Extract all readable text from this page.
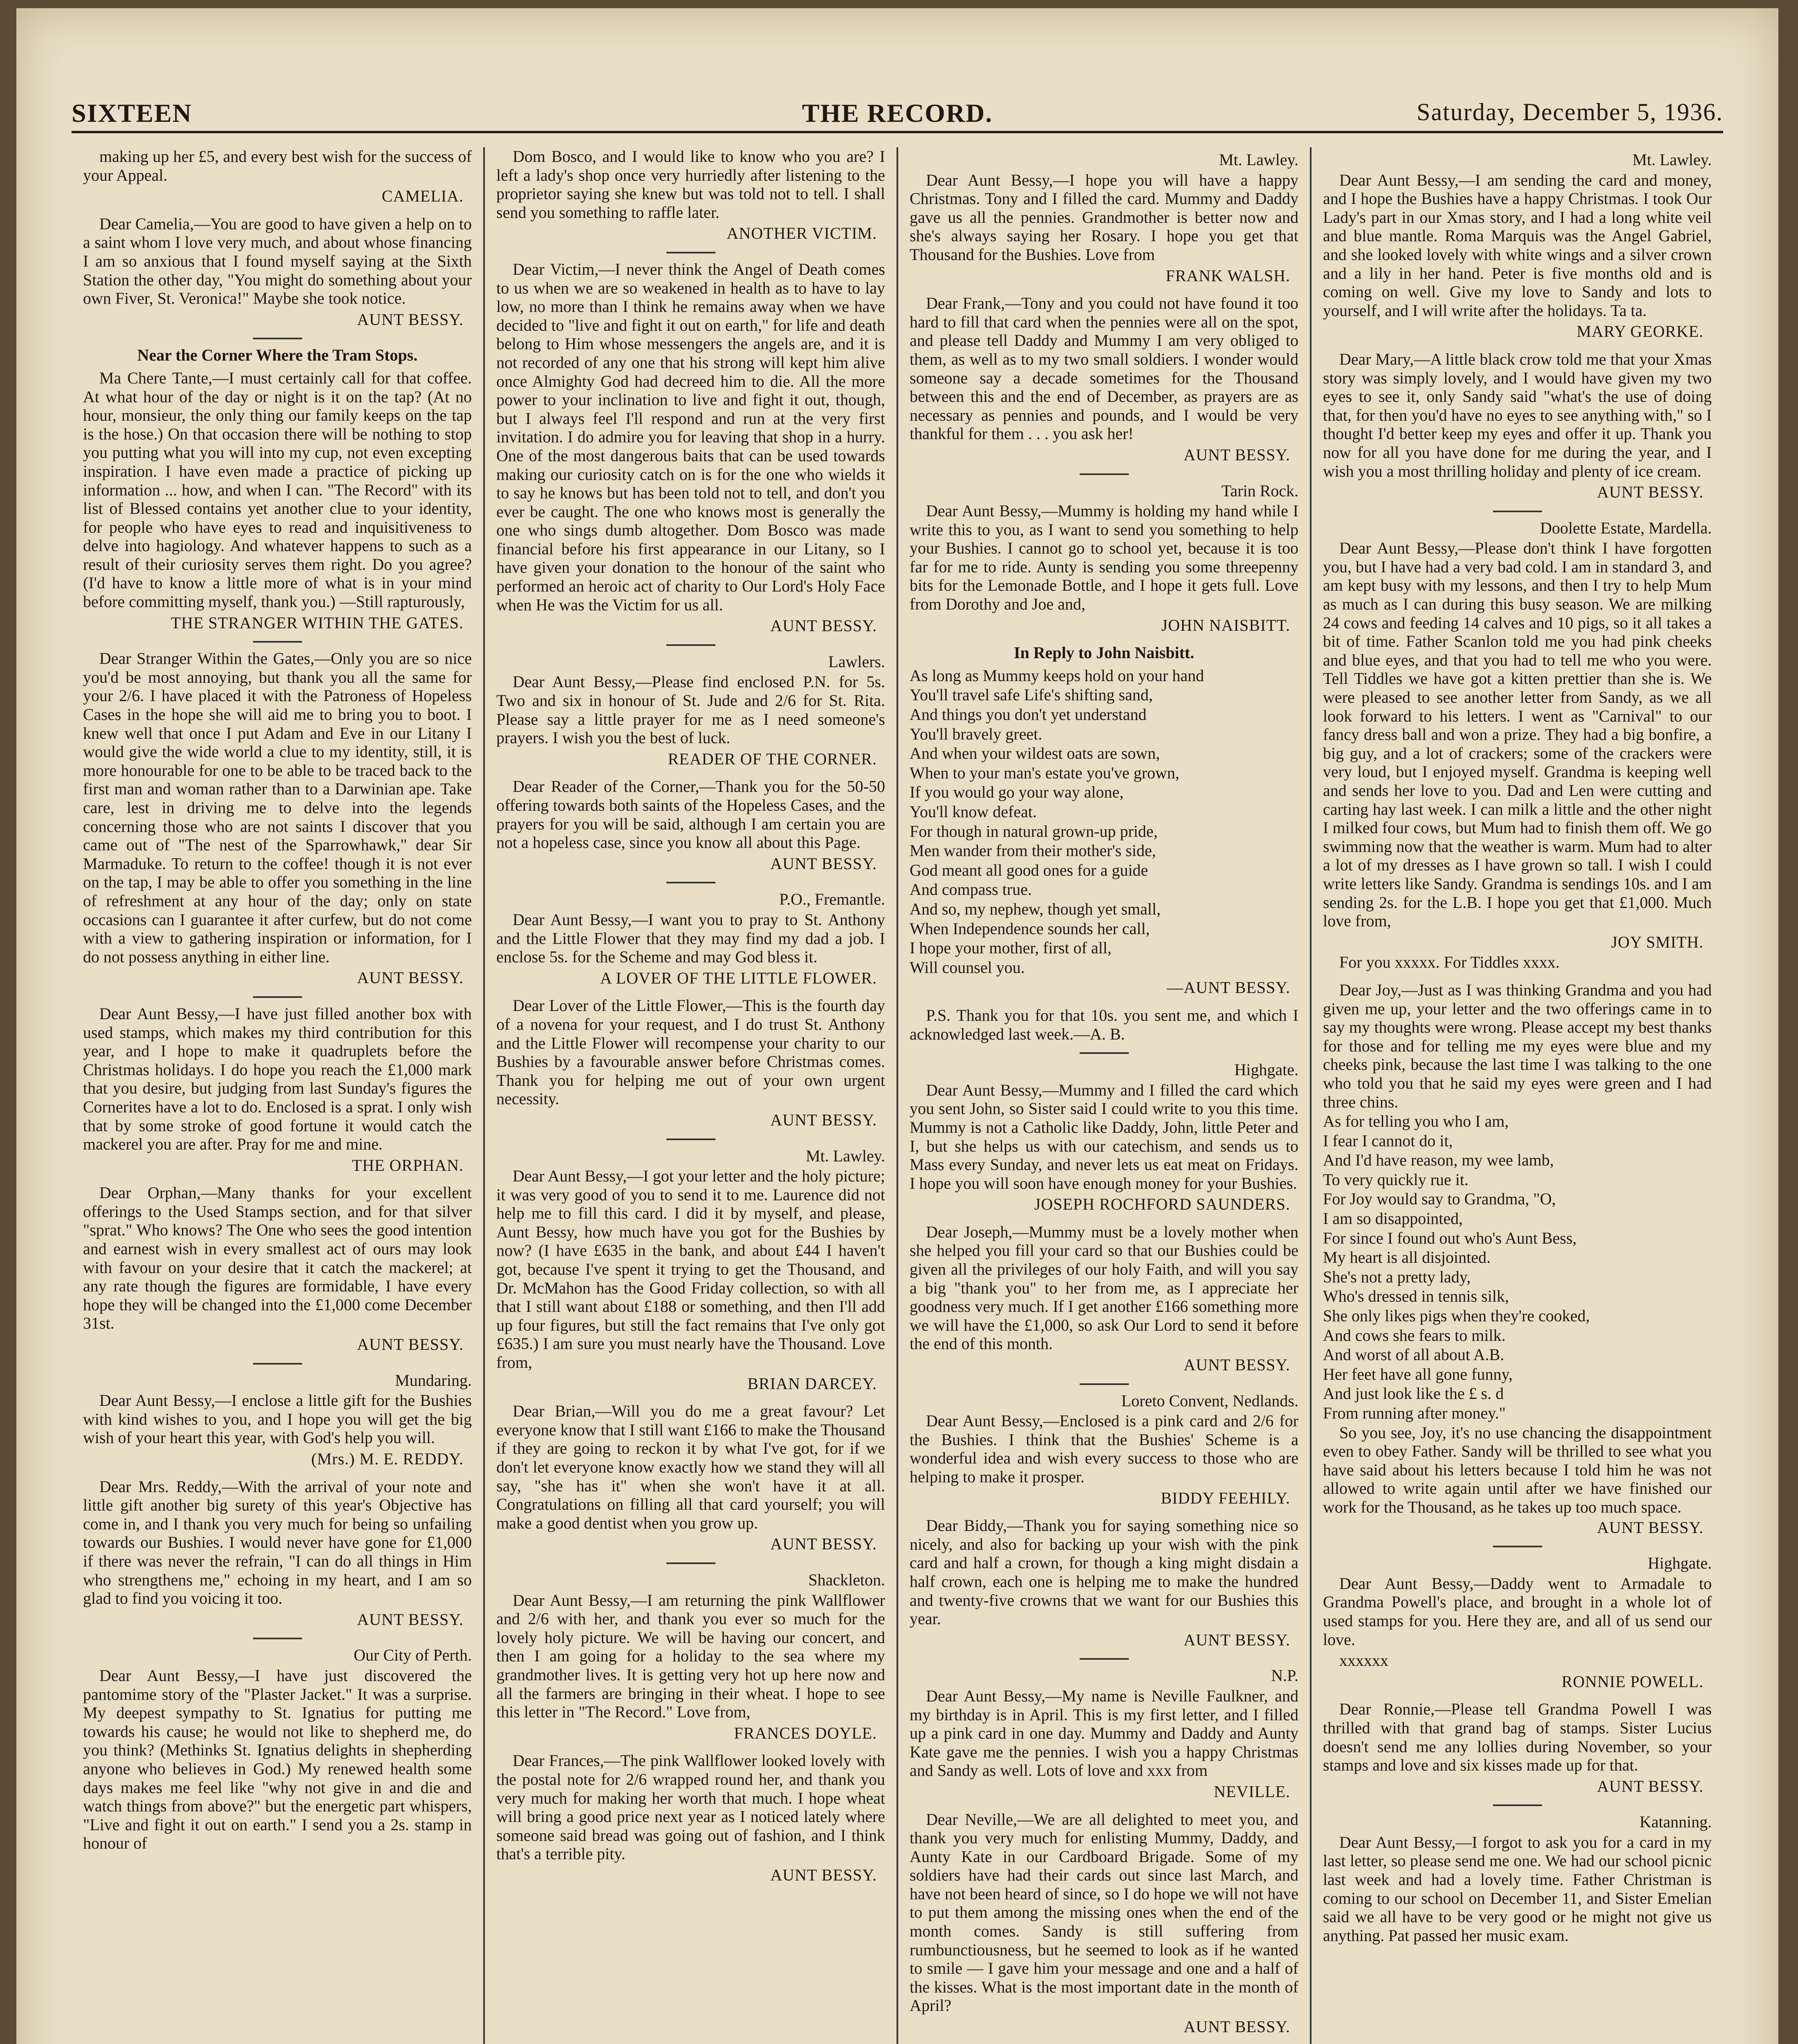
SIXTEEN	THE RECORD.	Saturday, December 5, 1936.

making up her £5, and every best wish for the success of your Appeal.

CAMELIA.

Dear Camelia,—You are good to have given a help on to a saint whom I love very much, and about whose financing I am so anxious that I found myself saying at the Sixth Station the other day, "You might do something about your own Fiver, St. Veronica!" Maybe she took notice.

AUNT BESSY.
Near the Corner Where the Tram Stops.

Ma Chere Tante,—I must certainly call for that coffee. At what hour of the day or night is it on the tap? (At no hour, monsieur, the only thing our family keeps on the tap is the hose.) On that occasion there will be nothing to stop you putting what you will into my cup, not even excepting inspiration. I have even made a practice of picking up information ... how, and when I can. "The Record" with its list of Blessed contains yet another clue to your identity, for people who have eyes to read and inquisitiveness to delve into hagiology. And whatever happens to such as a result of their curiosity serves them right. Do you agree? (I'd have to know a little more of what is in your mind before committing myself, thank you.) —Still rapturously,

THE STRANGER WITHIN THE GATES.

Dear Stranger Within the Gates,—Only you are so nice you'd be most annoying, but thank you all the same for your 2/6. I have placed it with the Patroness of Hopeless Cases in the hope she will aid me to bring you to boot. I knew well that once I put Adam and Eve in our Litany I would give the wide world a clue to my identity, still, it is more honourable for one to be able to be traced back to the first man and woman rather than to a Darwinian ape. Take care, lest in driving me to delve into the legends concerning those who are not saints I discover that you came out of "The nest of the Sparrowhawk," dear Sir Marmaduke. To return to the coffee! though it is not ever on the tap, I may be able to offer you something in the line of refreshment at any hour of the day; only on state occasions can I guarantee it after curfew, but do not come with a view to gathering inspiration or information, for I do not possess anything in either line.

AUNT BESSY.

Dear Aunt Bessy,—I have just filled another box with used stamps, which makes my third contribution for this year, and I hope to make it quadruplets before the Christmas holidays. I do hope you reach the £1,000 mark that you desire, but judging from last Sunday's figures the Cornerites have a lot to do. Enclosed is a sprat. I only wish that by some stroke of good fortune it would catch the mackerel you are after. Pray for me and mine.

THE ORPHAN.

Dear Orphan,—Many thanks for your excellent offerings to the Used Stamps section, and for that silver "sprat." Who knows? The One who sees the good intention and earnest wish in every smallest act of ours may look with favour on your desire that it catch the mackerel; at any rate though the figures are formidable, I have every hope they will be changed into the £1,000 come December 31st.

AUNT BESSY.
Mundaring.

Dear Aunt Bessy,—I enclose a little gift for the Bushies with kind wishes to you, and I hope you will get the big wish of your heart this year, with God's help you will.

(Mrs.) M. E. REDDY.

Dear Mrs. Reddy,—With the arrival of your note and little gift another big surety of this year's Objective has come in, and I thank you very much for being so unfailing towards our Bushies. I would never have gone for £1,000 if there was never the refrain, "I can do all things in Him who strengthens me," echoing in my heart, and I am so glad to find you voicing it too.

AUNT BESSY.
Our City of Perth.

Dear Aunt Bessy,—I have just discovered the pantomime story of the "Plaster Jacket." It was a surprise. My deepest sympathy to St. Ignatius for putting me towards his cause; he would not like to shepherd me, do you think? (Methinks St. Ignatius delights in shepherding anyone who believes in God.) My renewed health some days makes me feel like "why not give in and die and watch things from above?" but the energetic part whispers, "Live and fight it out on earth." I send you a 2s. stamp in honour of

Dom Bosco, and I would like to know who you are? I left a lady's shop once very hurriedly after listening to the proprietor saying she knew but was told not to tell. I shall send you something to raffle later.

ANOTHER VICTIM.

Dear Victim,—I never think the Angel of Death comes to us when we are so weakened in health as to have to lay low, no more than I think he remains away when we have decided to "live and fight it out on earth," for life and death belong to Him whose messengers the angels are, and it is not recorded of any one that his strong will kept him alive once Almighty God had decreed him to die. All the more power to your inclination to live and fight it out, though, but I always feel I'll respond and run at the very first invitation. I do admire you for leaving that shop in a hurry. One of the most dangerous baits that can be used towards making our curiosity catch on is for the one who wields it to say he knows but has been told not to tell, and don't you ever be caught. The one who knows most is generally the one who sings dumb altogether. Dom Bosco was made financial before his first appearance in our Litany, so I have given your donation to the honour of the saint who performed an heroic act of charity to Our Lord's Holy Face when He was the Victim for us all.

AUNT BESSY.
Lawlers.

Dear Aunt Bessy,—Please find enclosed P.N. for 5s. Two and six in honour of St. Jude and 2/6 for St. Rita. Please say a little prayer for me as I need someone's prayers. I wish you the best of luck.

READER OF THE CORNER.

Dear Reader of the Corner,—Thank you for the 50-50 offering towards both saints of the Hopeless Cases, and the prayers for you will be said, although I am certain you are not a hopeless case, since you know all about this Page.

AUNT BESSY.
P.O., Fremantle.

Dear Aunt Bessy,—I want you to pray to St. Anthony and the Little Flower that they may find my dad a job. I enclose 5s. for the Scheme and may God bless it.

A LOVER OF THE LITTLE FLOWER.

Dear Lover of the Little Flower,—This is the fourth day of a novena for your request, and I do trust St. Anthony and the Little Flower will recompense your charity to our Bushies by a favourable answer before Christmas comes. Thank you for helping me out of your own urgent necessity.

AUNT BESSY.
Mt. Lawley.

Dear Aunt Bessy,—I got your letter and the holy picture; it was very good of you to send it to me. Laurence did not help me to fill this card. I did it by myself, and please, Aunt Bessy, how much have you got for the Bushies by now? (I have £635 in the bank, and about £44 I haven't got, because I've spent it trying to get the Thousand, and Dr. McMahon has the Good Friday collection, so with all that I still want about £188 or something, and then I'll add up four figures, but still the fact remains that I've only got £635.) I am sure you must nearly have the Thousand. Love from,

BRIAN DARCEY.

Dear Brian,—Will you do me a great favour? Let everyone know that I still want £166 to make the Thousand if they are going to reckon it by what I've got, for if we don't let everyone know exactly how we stand they will all say, "she has it" when she won't have it at all. Congratulations on filling all that card yourself; you will make a good dentist when you grow up.

AUNT BESSY.
Shackleton.

Dear Aunt Bessy,—I am returning the pink Wallflower and 2/6 with her, and thank you ever so much for the lovely holy picture. We will be having our concert, and then I am going for a holiday to the sea where my grandmother lives. It is getting very hot up here now and all the farmers are bringing in their wheat. I hope to see this letter in "The Record." Love from,

FRANCES DOYLE.

Dear Frances,—The pink Wallflower looked lovely with the postal note for 2/6 wrapped round her, and thank you very much for making her worth that much. I hope wheat will bring a good price next year as I noticed lately where someone said bread was going out of fashion, and I think that's a terrible pity.

AUNT BESSY.
Mt. Lawley.

Dear Aunt Bessy,—I hope you will have a happy Christmas. Tony and I filled the card. Mummy and Daddy gave us all the pennies. Grandmother is better now and she's always saying her Rosary. I hope you get that Thousand for the Bushies. Love from

FRANK WALSH.

Dear Frank,—Tony and you could not have found it too hard to fill that card when the pennies were all on the spot, and please tell Daddy and Mummy I am very obliged to them, as well as to my two small soldiers. I wonder would someone say a decade sometimes for the Thousand between this and the end of December, as prayers are as necessary as pennies and pounds, and I would be very thankful for them . . . you ask her!

AUNT BESSY.
Tarin Rock.

Dear Aunt Bessy,—Mummy is holding my hand while I write this to you, as I want to send you something to help your Bushies. I cannot go to school yet, because it is too far for me to ride. Aunty is sending you some threepenny bits for the Lemonade Bottle, and I hope it gets full. Love from Dorothy and Joe and,

JOHN NAISBITT.
In Reply to John Naisbitt.

As long as Mummy keeps hold on your hand

You'll travel safe Life's shifting sand,

And things you don't yet understand

You'll bravely greet.

And when your wildest oats are sown,

When to your man's estate you've grown,

If you would go your way alone,

You'll know defeat.

For though in natural grown-up pride,

Men wander from their mother's side,

God meant all good ones for a guide

And compass true.

And so, my nephew, though yet small,

When Independence sounds her call,

I hope your mother, first of all,

Will counsel you.

—AUNT BESSY.

P.S. Thank you for that 10s. you sent me, and which I acknowledged last week.—A. B.

Highgate.

Dear Aunt Bessy,—Mummy and I filled the card which you sent John, so Sister said I could write to you this time. Mummy is not a Catholic like Daddy, John, little Peter and I, but she helps us with our catechism, and sends us to Mass every Sunday, and never lets us eat meat on Fridays. I hope you will soon have enough money for your Bushies.

JOSEPH ROCHFORD SAUNDERS.

Dear Joseph,—Mummy must be a lovely mother when she helped you fill your card so that our Bushies could be given all the privileges of our holy Faith, and will you say a big "thank you" to her from me, as I appreciate her goodness very much. If I get another £166 something more we will have the £1,000, so ask Our Lord to send it before the end of this month.

AUNT BESSY.
Loreto Convent, Nedlands.

Dear Aunt Bessy,—Enclosed is a pink card and 2/6 for the Bushies. I think that the Bushies' Scheme is a wonderful idea and wish every success to those who are helping to make it prosper.

BIDDY FEEHILY.

Dear Biddy,—Thank you for saying something nice so nicely, and also for backing up your wish with the pink card and half a crown, for though a king might disdain a half crown, each one is helping me to make the hundred and twenty-five crowns that we want for our Bushies this year.

AUNT BESSY.
N.P.

Dear Aunt Bessy,—My name is Neville Faulkner, and my birthday is in April. This is my first letter, and I filled up a pink card in one day. Mummy and Daddy and Aunty Kate gave me the pennies. I wish you a happy Christmas and Sandy as well. Lots of love and xxx from

NEVILLE.

Dear Neville,—We are all delighted to meet you, and thank you very much for enlisting Mummy, Daddy, and Aunty Kate in our Cardboard Brigade. Some of my soldiers have had their cards out since last March, and have not been heard of since, so I do hope we will not have to put them among the missing ones when the end of the month comes. Sandy is still suffering from rumbunctiousness, but he seemed to look as if he wanted to smile — I gave him your message and one and a half of the kisses. What is the most important date in the month of April?

AUNT BESSY.
Mt. Lawley.

Dear Aunt Bessy,—I am sending the card and money, and I hope the Bushies have a happy Christmas. I took Our Lady's part in our Xmas story, and I had a long white veil and blue mantle. Roma Marquis was the Angel Gabriel, and she looked lovely with white wings and a silver crown and a lily in her hand. Peter is five months old and is coming on well. Give my love to Sandy and lots to yourself, and I will write after the holidays. Ta ta.

MARY GEORKE.

Dear Mary,—A little black crow told me that your Xmas story was simply lovely, and I would have given my two eyes to see it, only Sandy said "what's the use of doing that, for then you'd have no eyes to see anything with," so I thought I'd better keep my eyes and offer it up. Thank you now for all you have done for me during the year, and I wish you a most thrilling holiday and plenty of ice cream.

AUNT BESSY.
Doolette Estate, Mardella.

Dear Aunt Bessy,—Please don't think I have forgotten you, but I have had a very bad cold. I am in standard 3, and am kept busy with my lessons, and then I try to help Mum as much as I can during this busy season. We are milking 24 cows and feeding 14 calves and 10 pigs, so it all takes a bit of time. Father Scanlon told me you had pink cheeks and blue eyes, and that you had to tell me who you were. Tell Tiddles we have got a kitten prettier than she is. We were pleased to see another letter from Sandy, as we all look forward to his letters. I went as "Carnival" to our fancy dress ball and won a prize. They had a big bonfire, a big guy, and a lot of crackers; some of the crackers were very loud, but I enjoyed myself. Grandma is keeping well and sends her love to you. Dad and Len were cutting and carting hay last week. I can milk a little and the other night I milked four cows, but Mum had to finish them off. We go swimming now that the weather is warm. Mum had to alter a lot of my dresses as I have grown so tall. I wish I could write letters like Sandy. Grandma is sendings 10s. and I am sending 2s. for the L.B. I hope you get that £1,000. Much love from,

JOY SMITH.

For you xxxxx. For Tiddles xxxx.

Dear Joy,—Just as I was thinking Grandma and you had given me up, your letter and the two offerings came in to say my thoughts were wrong. Please accept my best thanks for those and for telling me my eyes were blue and my cheeks pink, because the last time I was talking to the one who told you that he said my eyes were green and I had three chins.

As for telling you who I am,

I fear I cannot do it,

And I'd have reason, my wee lamb,

To very quickly rue it.

For Joy would say to Grandma, "O,

I am so disappointed,

For since I found out who's Aunt Bess,

My heart is all disjointed.

She's not a pretty lady,

Who's dressed in tennis silk,

She only likes pigs when they're cooked,

And cows she fears to milk.

And worst of all about A.B.

Her feet have all gone funny,

And just look like the £ s. d

From running after money."

So you see, Joy, it's no use chancing the disappointment even to obey Father. Sandy will be thrilled to see what you have said about his letters because I told him he was not allowed to write again until after we have finished our work for the Thousand, as he takes up too much space.

AUNT BESSY.
Highgate.

Dear Aunt Bessy,—Daddy went to Armadale to Grandma Powell's place, and brought in a whole lot of used stamps for you. Here they are, and all of us send our love.

xxxxxx

RONNIE POWELL.

Dear Ronnie,—Please tell Grandma Powell I was thrilled with that grand bag of stamps. Sister Lucius doesn't send me any lollies during November, so your stamps and love and six kisses made up for that.

AUNT BESSY.
Katanning.

Dear Aunt Bessy,—I forgot to ask you for a card in my last letter, so please send me one. We had our school picnic last week and had a lovely time. Father Christman is coming to our school on December 11, and Sister Emelian said we all have to be very good or he might not give us anything. Pat passed her music exam.
